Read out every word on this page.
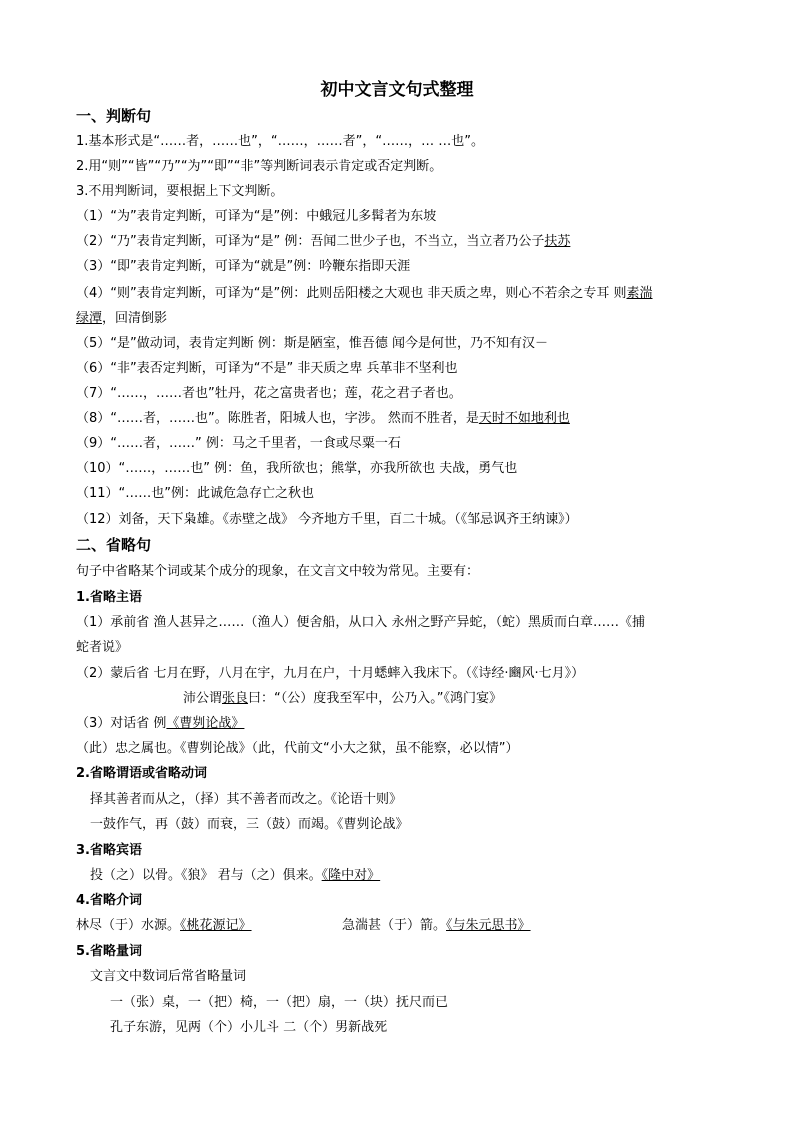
初中文言文句式整理
一、判断句
1.基本形式是“……者，……也”，“……，……者”，“……，… …也”。
2.用“则”“皆”“乃”“为”“即”“非”等判断词表示肯定或否定判断。
3.不用判断词，要根据上下文判断。
（1）“为”表肯定判断，可译为“是”例：中蛾冠儿多髯者为东坡
（2）“乃”表肯定判断，可译为“是” 例：吾闻二世少子也，不当立，当立者乃公子扶苏
（3）“即”表肯定判断，可译为“就是”例：吟鞭东指即天涯
（4）“则”表肯定判断，可译为“是”例：此则岳阳楼之大观也 非天质之卑，则心不若余之专耳 则素湍
绿潭，回清倒影
（5）“是”做动词，表肯定判断 例：斯是陋室，惟吾德 闻今是何世，乃不知有汉－
（6）“非”表否定判断，可译为“不是” 非天质之卑 兵革非不坚利也
（7）“……，……者也”牡丹，花之富贵者也；莲，花之君子者也。
（8）“……者，……也”。陈胜者，阳城人也，字涉。 然而不胜者，是天时不如地利也
（9）“……者，……” 例：马之千里者，一食或尽粟一石
（10）“……，……也” 例：鱼，我所欲也；熊掌，亦我所欲也 夫战，勇气也
（11）“……也”例：此诚危急存亡之秋也
（12）刘备，天下枭雄。《赤壁之战》 今齐地方千里，百二十城。（《邹忌讽齐王纳谏》）
二、省略句
句子中省略某个词或某个成分的现象，在文言文中较为常见。主要有：
1.省略主语
（1）承前省 渔人甚异之……（渔人）便舍船，从口入 永州之野产异蛇，（蛇）黑质而白章……《捕
蛇者说》
（2）蒙后省 七月在野，八月在宇，九月在户，十月蟋蟀入我床下。（《诗经·豳风·七月》）
沛公谓张良曰：“（公）度我至军中，公乃入。”《鸿门宴》
（3）对话省 例《曹刿论战》
（此）忠之属也。《曹刿论战》（此，代前文“小大之狱，虽不能察，必以情”）
2.省略谓语或省略动词
择其善者而从之，（择）其不善者而改之。《论语十则》
一鼓作气，再（鼓）而衰，三（鼓）而竭。《曹刿论战》
3.省略宾语
投（之）以骨。《狼》 君与（之）俱来。《隆中对》
4.省略介词
林尽（于）水源。《桃花源记》	急湍甚（于）箭。《与朱元思书》
5.省略量词
文言文中数词后常省略量词
一（张）桌，一（把）椅，一（把）扇，一（块）抚尺而已
孔子东游，见两（个）小儿斗 二（个）男新战死
